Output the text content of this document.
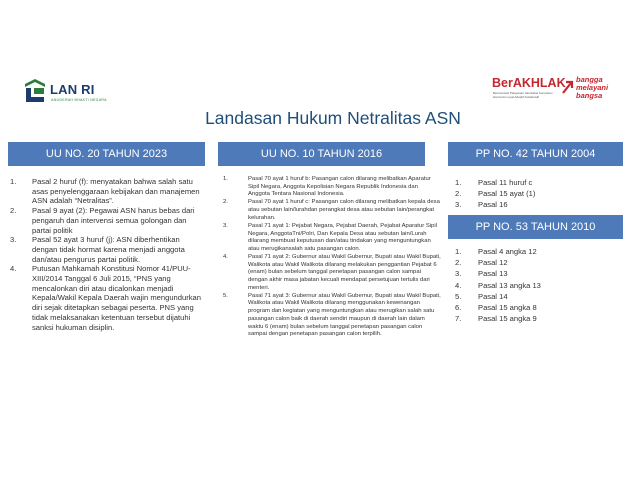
LAN RI
ANUGERAH BHAKTI NEGARA
BerAKHLAK
Berorientasi Pelayanan Akuntabel Kompeten Harmonis Loyal Adaptif Kolaboratif
bangga melayani bangsa
Landasan Hukum Netralitas ASN
UU NO. 20 TAHUN 2023	UU NO. 10 TAHUN 2016	PP NO. 42 TAHUN 2004
PP NO. 53 TAHUN 2010
1. Pasal 2 huruf (f): menyatakan bahwa salah satu asas penyelenggaraan kebijakan dan manajemen ASN adalah “Netralitas”.
2. Pasal 9 ayat (2): Pegawai ASN harus bebas dari pengaruh dan intervensi semua golongan dan partai politik
3. Pasal 52 ayat 3 huruf (j): ASN diberhentikan dengan tidak hormat karena menjadi anggota dan/atau pengurus partai politik.
4. Putusan Mahkamah Konstitusi Nomor 41/PUU-XIII/2014 Tanggal 6 Juli 2015, “PNS yang mencalonkan diri atau dicalonkan menjadi Kepala/Wakil Kepala Daerah wajin mengundurkan diri sejak ditetapkan sebagai peserta. PNS yang tidak melaksanakan ketentuan tersebut dijatuhi sanksi hukuman disiplin.
1.	Pasal 70 ayat 1 huruf b: Pasangan calon dilarang melibatkan Aparatur Sipil Negara, Anggota Kepolisian Negara Republik Indonesia dan Anggota Tentara Nasional Indonesia.
2.	Pasal 70 ayat 1 huruf c: Pasangan calon dilarang melibatkan kepala desa atau sebutan lain/lurahdan perangkat desa atau sebutan lain/perangkat kelurahan.
3.	Pasal 71 ayat 1: Pejabat Negara, Pejabat Daerah, Pejabat Aparatur Sipil Negara, AnggotaTni/Polri, Dan Kepala Desa atau sebutan lain/Lurah dilarang membuat keputusan dan/atau tindakan yang menguntungkan atau merugikansalah satu pasangan calon.
4.	Pasal 71 ayat 2: Gubernur atau Wakil Gubernur, Bupati atau Wakil Bupati, Walikota atau Wakil Walikota dilarang melakukan penggantian Pejabat 6 (enam) bulan sebelum tanggal penetapan pasangan calon sampai dengan akhir masa jabatan kecuali mendapat persetujuan tertulis dari menteri.
5.	Pasal 71 ayat 3: Gubernur atau Wakil Gubernur, Bupati atau Wakil Bupati, Walikota atau Wakil Walikota dilarang menggunakan kewenangan program dan kegiatan yang menguntungkan atau merugikan salah satu pasangan calon baik di daerah sendiri maupun di daerah lain dalam waktu 6 (enam) bulan sebelum tanggal penetapan pasangan calon sampai dengan penetapan pasangan calon terpilih.
1. Pasal 11 huruf c
2. Pasal 15 ayat (1)
3. Pasal 16
1. Pasal 4 angka 12
2. Pasal 12
3. Pasal 13
4. Pasal 13 angka 13
5. Pasal 14
6. Pasal 15 angka 8
7. Pasal 15 angka 9
